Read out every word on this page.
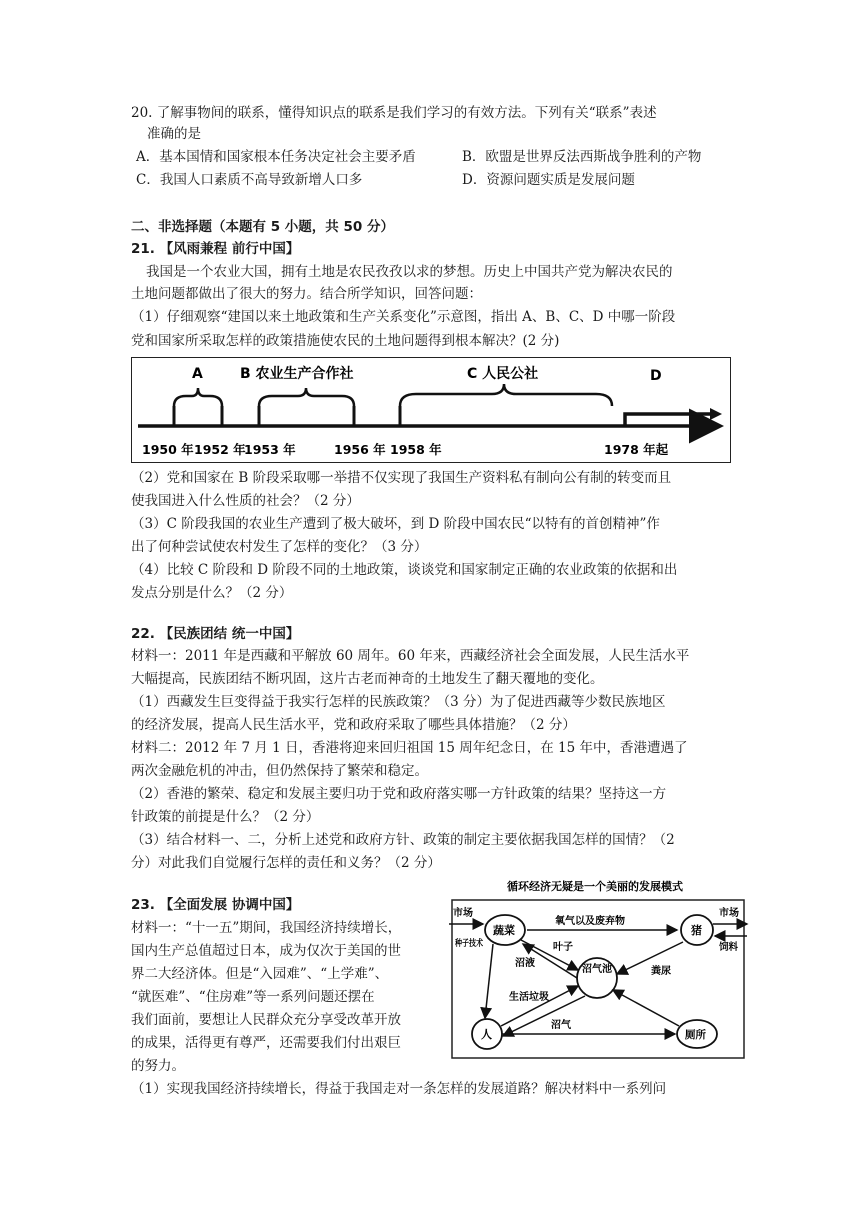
20. 了解事物间的联系，懂得知识点的联系是我们学习的有效方法。下列有关“联系”表述
准确的是
A．基本国情和国家根本任务决定社会主要矛盾	B．欧盟是世界反法西斯战争胜利的产物
C．我国人口素质不高导致新增人口多	D．资源问题实质是发展问题
二、非选择题（本题有 5 小题，共 50 分）
21. 【风雨兼程 前行中国】
我国是一个农业大国，拥有土地是农民孜孜以求的梦想。历史上中国共产党为解决农民的
土地问题都做出了很大的努力。结合所学知识，回答问题：
（1）仔细观察“建国以来土地政策和生产关系变化”示意图，指出 A、B、C、D 中哪一阶段
党和国家所采取怎样的政策措施使农民的土地问题得到根本解决？(2 分)
A	B 农业生产合作社	C 人民公社	D
1950 年 1952 年
1953 年	1956 年 1958 年	1978 年起
（2）党和国家在 B 阶段采取哪一举措不仅实现了我国生产资料私有制向公有制的转变而且
使我国进入什么性质的社会？（2 分）
（3）C 阶段我国的农业生产遭到了极大破坏，到 D 阶段中国农民“以特有的首创精神”作
出了何种尝试使农村发生了怎样的变化？（3 分）
（4）比较 C 阶段和 D 阶段不同的土地政策，谈谈党和国家制定正确的农业政策的依据和出
发点分别是什么？（2 分）
22. 【民族团结 统一中国】
材料一：2011 年是西藏和平解放 60 周年。60 年来，西藏经济社会全面发展，人民生活水平
大幅提高，民族团结不断巩固，这片古老而神奇的土地发生了翻天覆地的变化。
（1）西藏发生巨变得益于我实行怎样的民族政策？（3 分）为了促进西藏等少数民族地区
的经济发展，提高人民生活水平，党和政府采取了哪些具体措施？（2 分）
材料二：2012 年 7 月 1 日，香港将迎来回归祖国 15 周年纪念日，在 15 年中，香港遭遇了
两次金融危机的冲击，但仍然保持了繁荣和稳定。
（2）香港的繁荣、稳定和发展主要归功于党和政府落实哪一方针政策的结果？坚持这一方
针政策的前提是什么？（2 分）
（3）结合材料一、二，分析上述党和政府方针、政策的制定主要依据我国怎样的国情？（2
分）对此我们自觉履行怎样的责任和义务？（2 分）
23. 【全面发展 协调中国】
材料一：“十一五”期间，我国经济持续增长，
国内生产总值超过日本，成为仅次于美国的世
界二大经济体。但是“入园难”、“上学难”、
“就医难”、“住房难”等一系列问题还摆在
我们面前，要想让人民群众充分享受改革开放
的成果，活得更有尊严，还需要我们付出艰巨
的努力。
（1）实现我国经济持续增长，得益于我国走对一条怎样的发展道路？解决材料中一系列问
循环经济无疑是一个美丽的发展模式
蔬菜	猪
沼气池
人	厕所
市场	市场
种子技术	饲料
氧气以及废弃物
叶子
沼液
粪尿
生活垃圾
沼气
